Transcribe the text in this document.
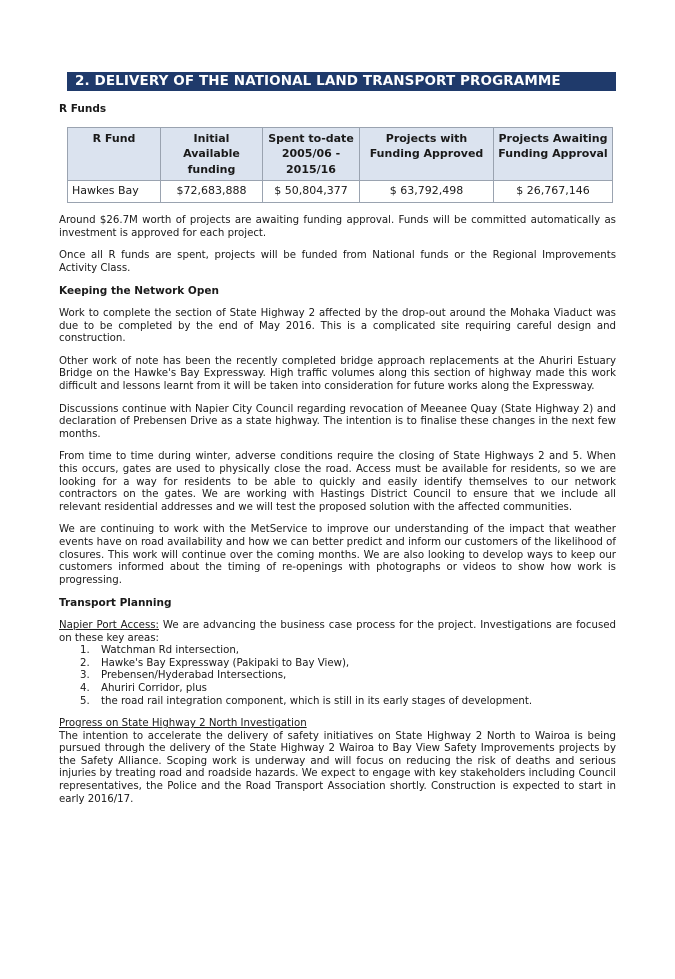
2. DELIVERY OF THE NATIONAL LAND TRANSPORT PROGRAMME

R Funds

R Fund	Initial Available funding	Spent to-date 2005/06 - 2015/16	Projects with Funding Approved	Projects Awaiting Funding Approval
Hawkes Bay	$72,683,888	$ 50,804,377	$ 63,792,498	$ 26,767,146

Around $26.7M worth of projects are awaiting funding approval. Funds will be committed automatically as investment is approved for each project.

Once all R funds are spent, projects will be funded from National funds or the Regional Improvements Activity Class.

Keeping the Network Open

Work to complete the section of State Highway 2 affected by the drop-out around the Mohaka Viaduct was due to be completed by the end of May 2016. This is a complicated site requiring careful design and construction.

Other work of note has been the recently completed bridge approach replacements at the Ahuriri Estuary Bridge on the Hawke's Bay Expressway. High traffic volumes along this section of highway made this work difficult and lessons learnt from it will be taken into consideration for future works along the Expressway.

Discussions continue with Napier City Council regarding revocation of Meeanee Quay (State Highway 2) and declaration of Prebensen Drive as a state highway. The intention is to finalise these changes in the next few months.

From time to time during winter, adverse conditions require the closing of State Highways 2 and 5. When this occurs, gates are used to physically close the road. Access must be available for residents, so we are looking for a way for residents to be able to quickly and easily identify themselves to our network contractors on the gates. We are working with Hastings District Council to ensure that we include all relevant residential addresses and we will test the proposed solution with the affected communities.

We are continuing to work with the MetService to improve our understanding of the impact that weather events have on road availability and how we can better predict and inform our customers of the likelihood of closures. This work will continue over the coming months. We are also looking to develop ways to keep our customers informed about the timing of re-openings with photographs or videos to show how work is progressing.

Transport Planning

Napier Port Access: We are advancing the business case process for the project. Investigations are focused on these key areas:

1. Watchman Rd intersection,
2. Hawke's Bay Expressway (Pakipaki to Bay View),
3. Prebensen/Hyderabad Intersections,
4. Ahuriri Corridor, plus
5. the road rail integration component, which is still in its early stages of development.

Progress on State Highway 2 North Investigation
The intention to accelerate the delivery of safety initiatives on State Highway 2 North to Wairoa is being pursued through the delivery of the State Highway 2 Wairoa to Bay View Safety Improvements projects by the Safety Alliance. Scoping work is underway and will focus on reducing the risk of deaths and serious injuries by treating road and roadside hazards. We expect to engage with key stakeholders including Council representatives, the Police and the Road Transport Association shortly. Construction is expected to start in early 2016/17.
